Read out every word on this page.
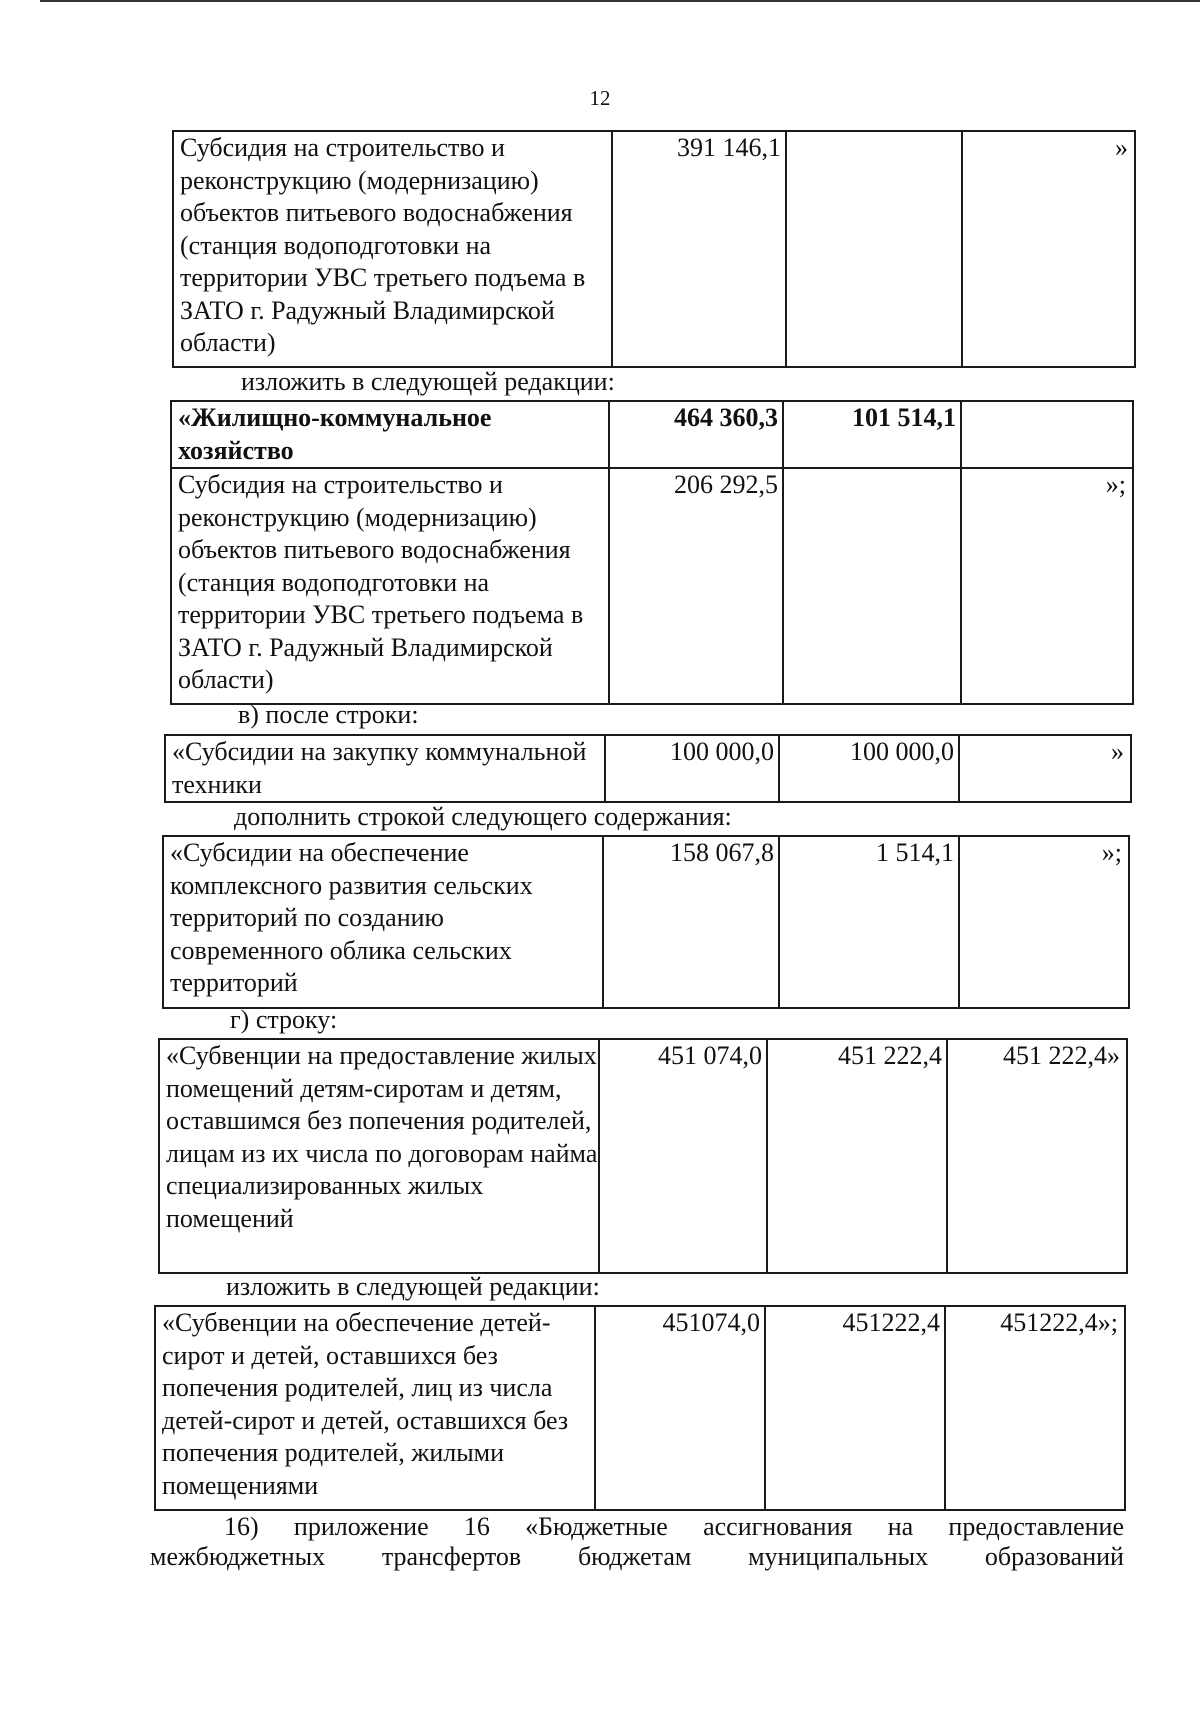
12
Субсидия на строительство и реконструкцию (модернизацию) объектов питьевого водоснабжения (станция водоподготовки на территории УВС третьего подъема в ЗАТО г. Радужный Владимирской области)	391 146,1		»
изложить в следующей редакции:
«Жилищно-коммунальное хозяйство	464 360,3	101 514,1	
Субсидия на строительство и реконструкцию (модернизацию) объектов питьевого водоснабжения (станция водоподготовки на территории УВС третьего подъема в ЗАТО г. Радужный Владимирской области)	206 292,5		»;
в) после строки:
«Субсидии на закупку коммунальной техники	100 000,0	100 000,0	»
дополнить строкой следующего содержания:
«Субсидии на обеспечение комплексного развития сельских территорий по созданию современного облика сельских территорий	158 067,8	1 514,1	»;
г) строку:
«Субвенции на предоставление жилых помещений детям-сиротам и детям, оставшимся без попечения родителей, лицам из их числа по договорам найма специализированных жилых помещений	451 074,0	451 222,4	451 222,4»
изложить в следующей редакции:
«Субвенции на обеспечение детей-сирот и детей, оставшихся без попечения родителей, лиц из числа детей-сирот и детей, оставшихся без попечения родителей, жилыми помещениями	451074,0	451222,4	451222,4»;
16) приложение 16 «Бюджетные ассигнования на предоставление
межбюджетных трансфертов бюджетам муниципальных образований
